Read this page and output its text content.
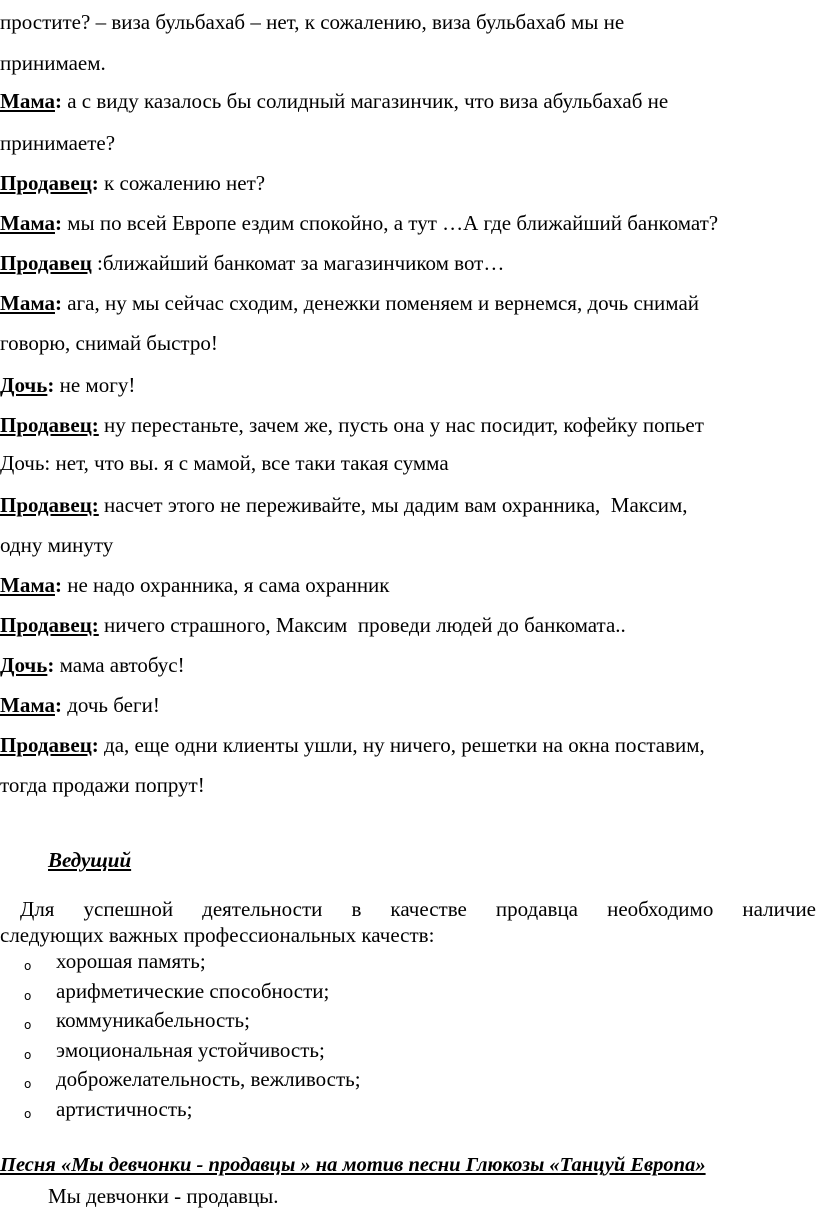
простите? – виза бульбахаб – нет, к сожалению, виза бульбахаб мы не
принимаем.
Мама: а с виду казалось бы солидный магазинчик, что виза абульбахаб не
принимаете?
Продавец: к сожалению нет?
Мама: мы по всей Европе ездим спокойно, а тут …А где ближайший банкомат?
Продавец :ближайший банкомат за магазинчиком вот…
Мама: ага, ну мы сейчас сходим, денежки поменяем и вернемся, дочь снимай
говорю, снимай быстро!
Дочь: не могу!
Продавец: ну перестаньте, зачем же, пусть она у нас посидит, кофейку попьет
Дочь: нет, что вы. я с мамой, все таки такая сумма
Продавец: насчет этого не переживайте, мы дадим вам охранника,  Максим,
одну минуту
Мама: не надо охранника, я сама охранник
Продавец: ничего страшного, Максим  проведи людей до банкомата..
Дочь: мама автобус!
Мама: дочь беги!
Продавец: да, еще одни клиенты ушли, ну ничего, решетки на окна поставим,
тогда продажи попрут!
Ведущий
Для успешной деятельности в качестве продавца необходимо наличие
следующих важных профессиональных качеств:
o хорошая память;
o арифметические способности;
o коммуникабельность;
o эмоциональная устойчивость;
o доброжелательность, вежливость;
o артистичность;
Песня «Мы девчонки - продавцы » на мотив песни Глюкозы «Танцуй Европа»
Мы девчонки - продавцы.
